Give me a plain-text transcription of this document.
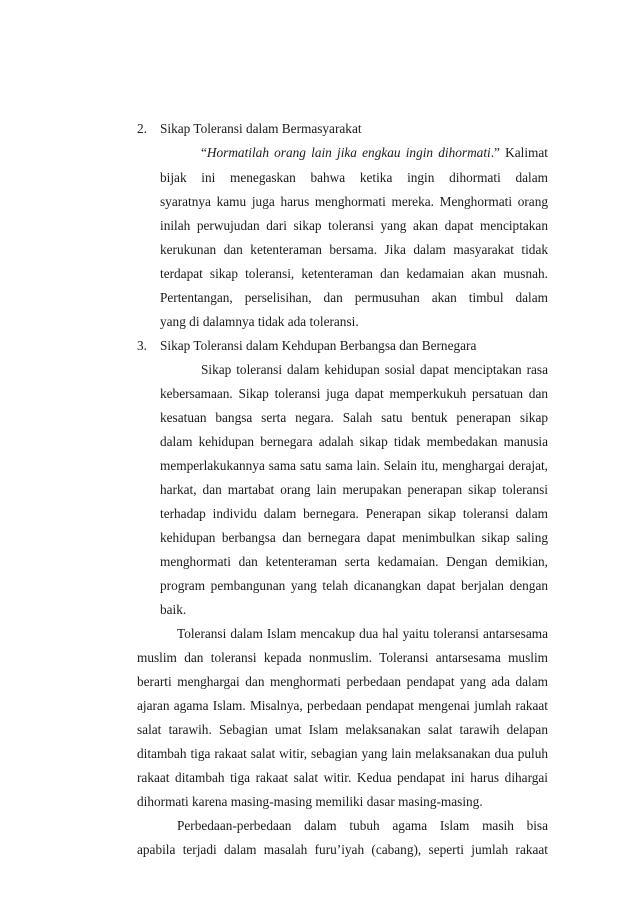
2. Sikap Toleransi dalam Bermasyarakat
“Hormatilah orang lain jika engkau ingin dihormati.” Kalimat
bijak ini menegaskan bahwa ketika ingin dihormati dalam
syaratnya kamu juga harus menghormati mereka. Menghormati orang
inilah perwujudan dari sikap toleransi yang akan dapat menciptakan
kerukunan dan ketenteraman bersama. Jika dalam masyarakat tidak
terdapat sikap toleransi, ketenteraman dan kedamaian akan musnah.
Pertentangan, perselisihan, dan permusuhan akan timbul dalam
yang di dalamnya tidak ada toleransi.
3. Sikap Toleransi dalam Kehdupan Berbangsa dan Bernegara
Sikap toleransi dalam kehidupan sosial dapat menciptakan rasa
kebersamaan. Sikap toleransi juga dapat memperkukuh persatuan dan
kesatuan bangsa serta negara. Salah satu bentuk penerapan sikap
dalam kehidupan bernegara adalah sikap tidak membedakan manusia
memperlakukannya sama satu sama lain. Selain itu, menghargai derajat,
harkat, dan martabat orang lain merupakan penerapan sikap toleransi
terhadap individu dalam bernegara. Penerapan sikap toleransi dalam
kehidupan berbangsa dan bernegara dapat menimbulkan sikap saling
menghormati dan ketenteraman serta kedamaian. Dengan demikian,
program pembangunan yang telah dicanangkan dapat berjalan dengan
baik.
Toleransi dalam Islam mencakup dua hal yaitu toleransi antarsesama
muslim dan toleransi kepada nonmuslim. Toleransi antarsesama muslim
berarti menghargai dan menghormati perbedaan pendapat yang ada dalam
ajaran agama Islam. Misalnya, perbedaan pendapat mengenai jumlah rakaat
salat tarawih. Sebagian umat Islam melaksanakan salat tarawih delapan
ditambah tiga rakaat salat witir, sebagian yang lain melaksanakan dua puluh
rakaat ditambah tiga rakaat salat witir. Kedua pendapat ini harus dihargai
dihormati karena masing-masing memiliki dasar masing-masing.
Perbedaan-perbedaan dalam tubuh agama Islam masih bisa
apabila terjadi dalam masalah furu’iyah (cabang), seperti jumlah rakaat
